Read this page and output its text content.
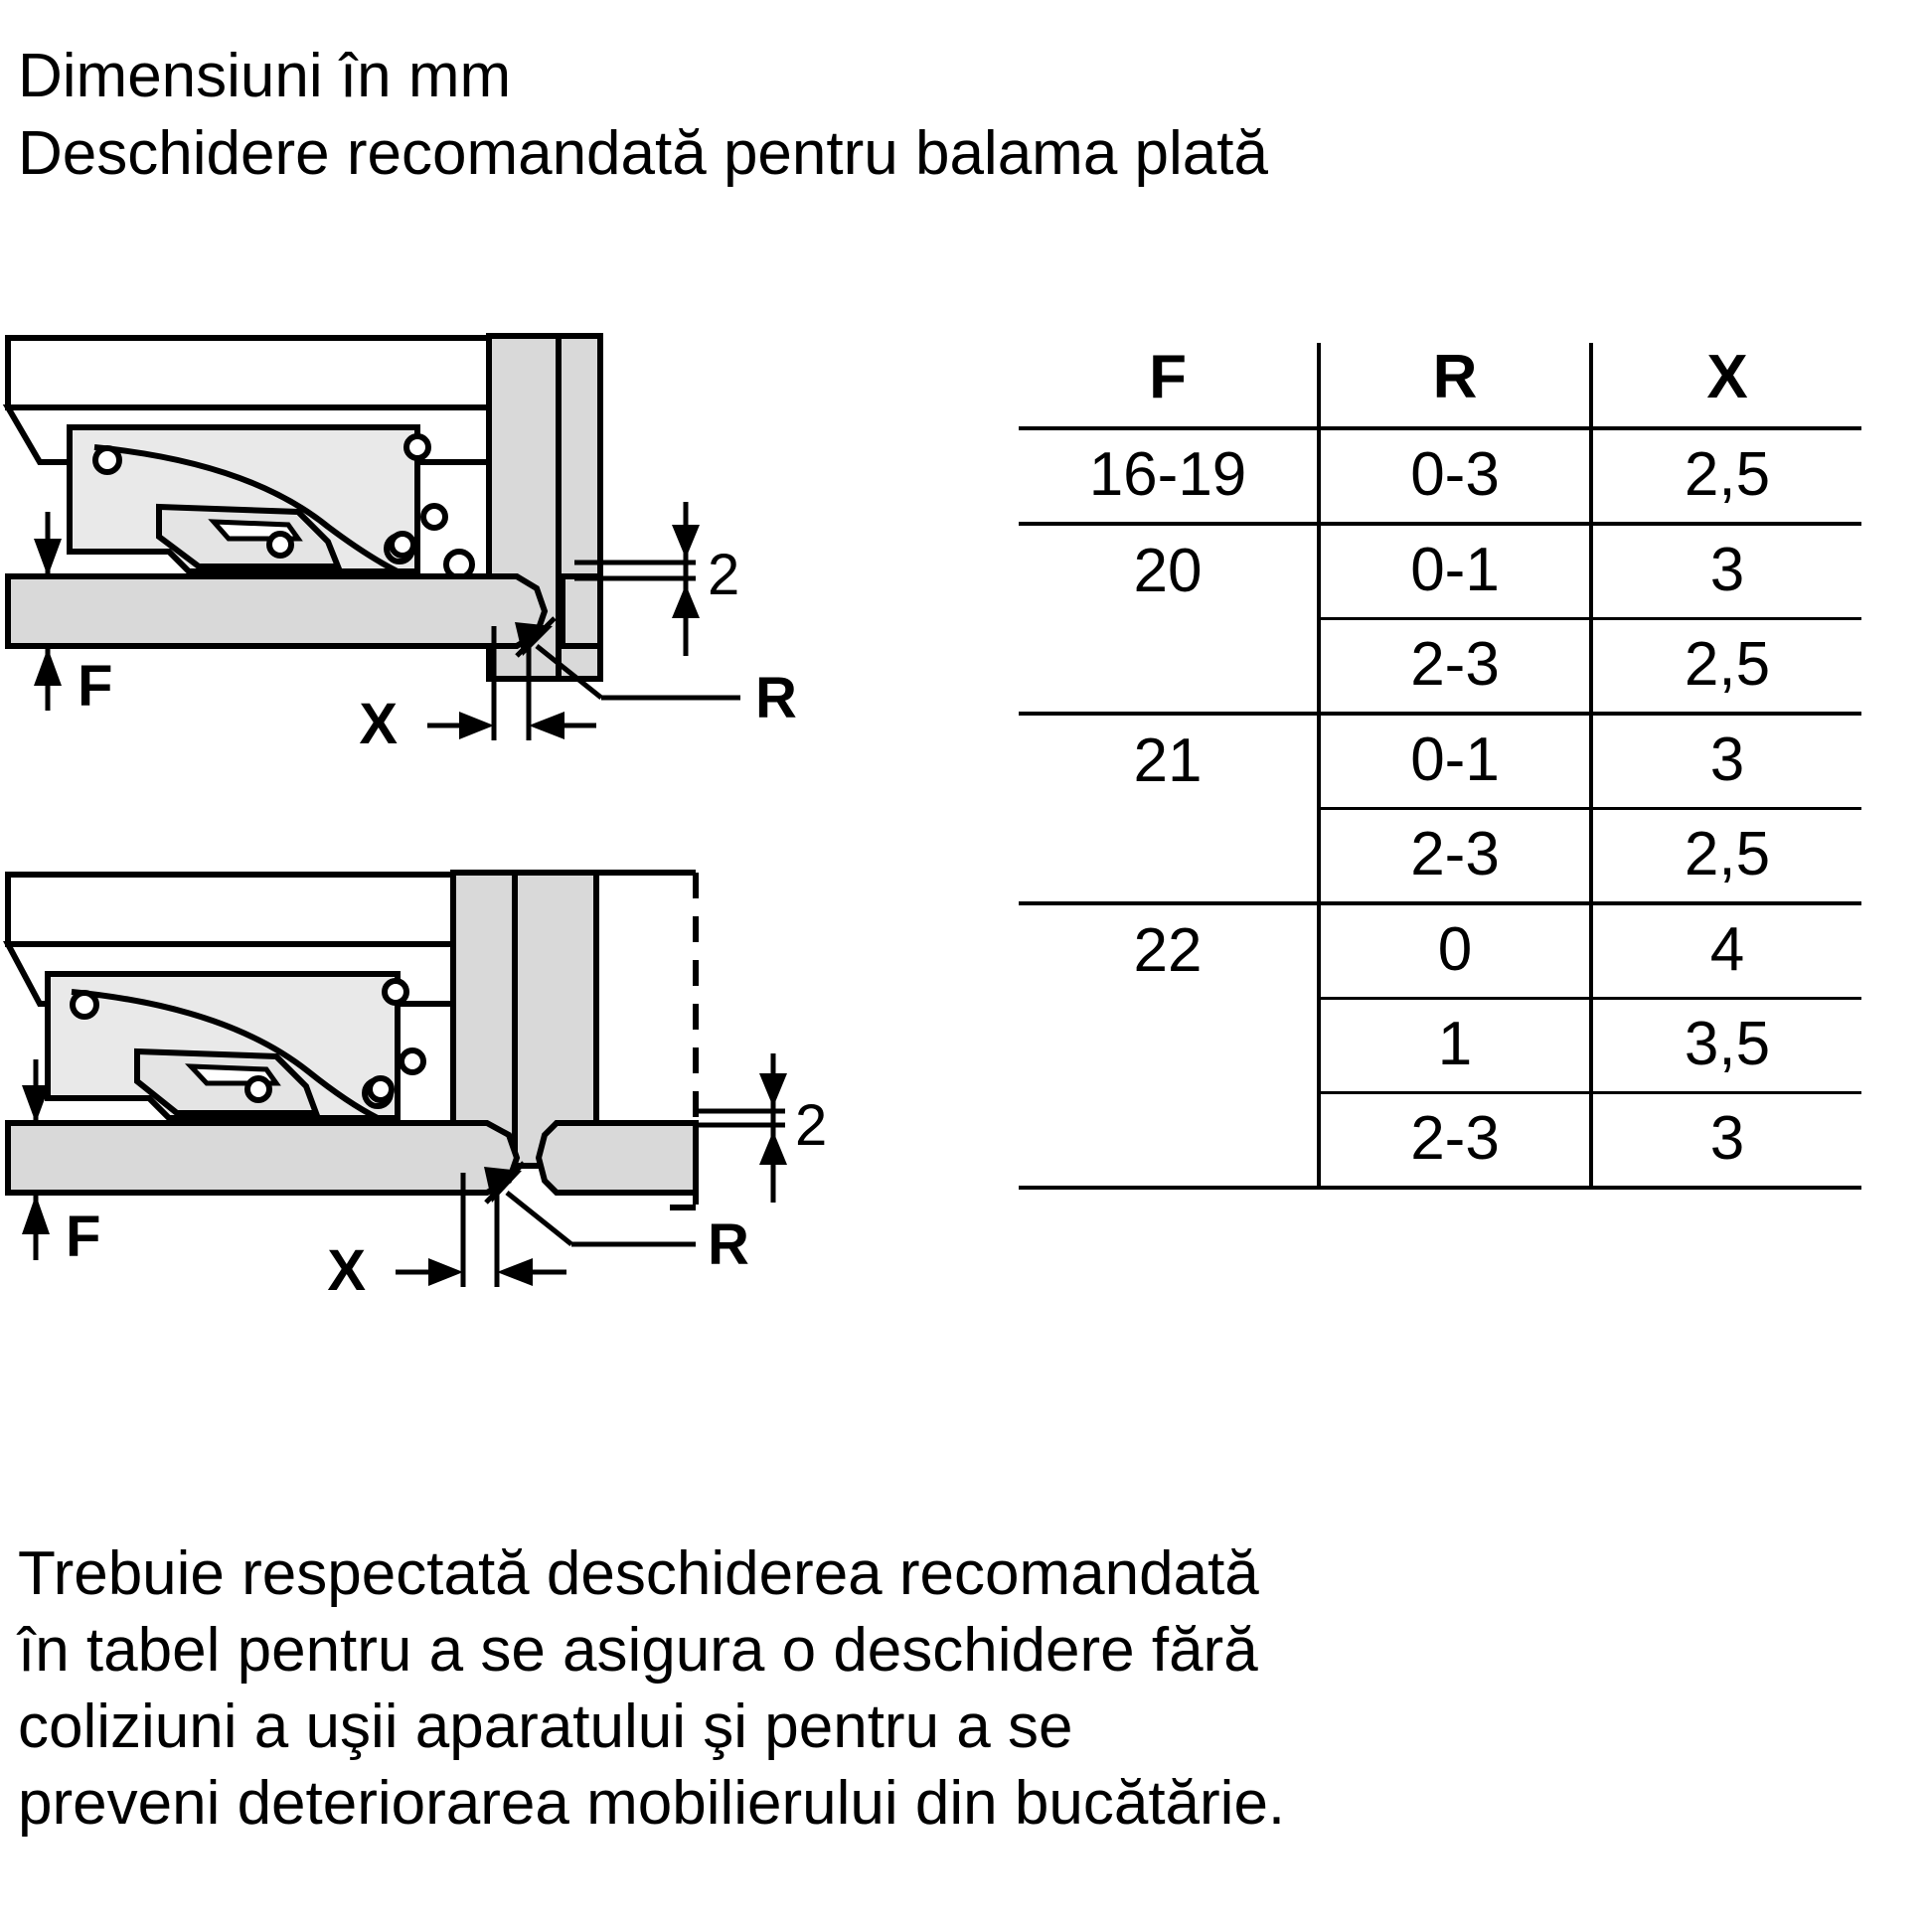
Dimensiuni în mm
Deschidere recomandată pentru balama plată
2
F
X	R
2
F
X	R
F	R	X
16-19	0-3	2,5
20	0-1	3
	2-3	2,5
21	0-1	3
	2-3	2,5
22	0	4
	1	3,5
	2-3	3
Trebuie respectată deschiderea recomandată
în tabel pentru a se asigura o deschidere fără
coliziuni a uşii aparatului şi pentru a se
preveni deteriorarea mobilierului din bucătărie.
